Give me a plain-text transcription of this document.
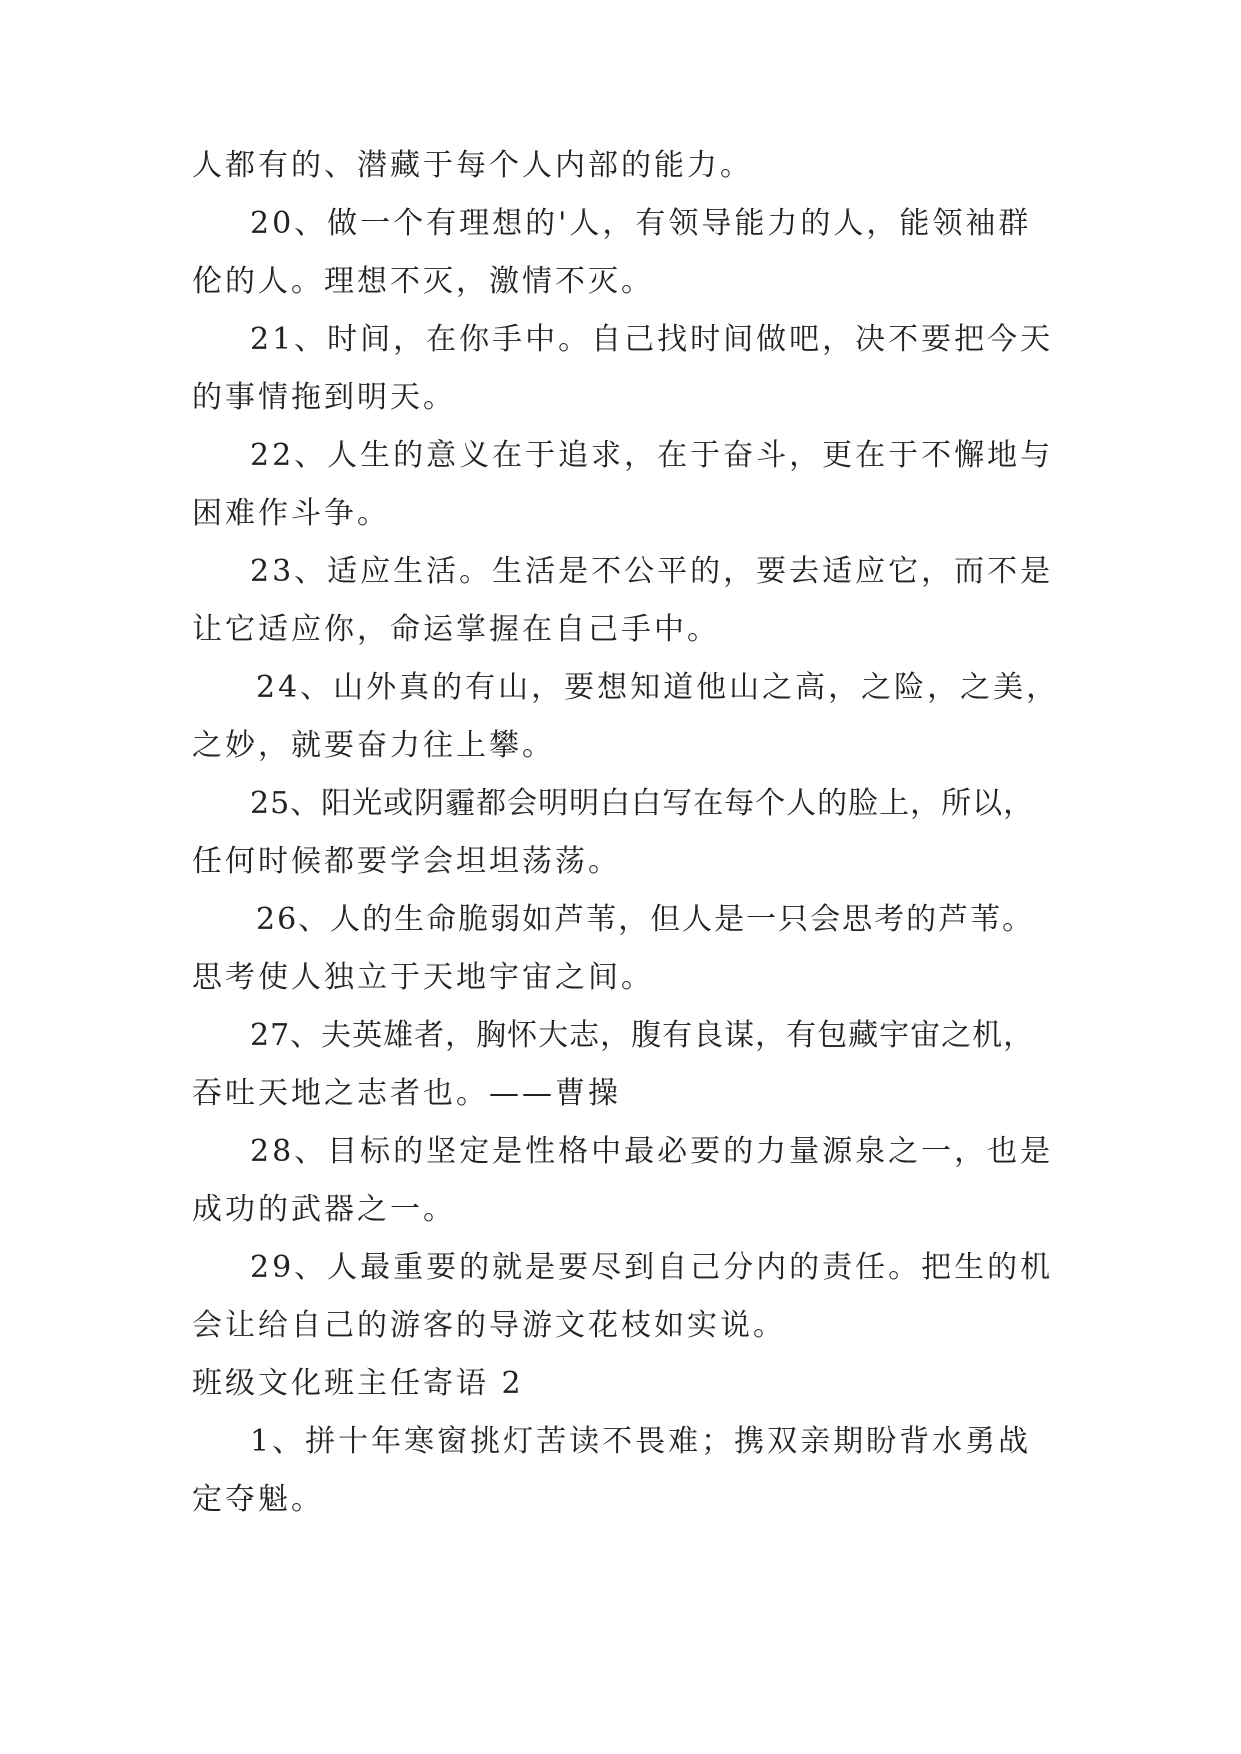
人都有的、潜藏于每个人内部的能力。
20、做一个有理想的'人，有领导能力的人，能领袖群
伦的人。理想不灭，激情不灭。
21、时间，在你手中。自己找时间做吧，决不要把今天
的事情拖到明天。
22、人生的意义在于追求，在于奋斗，更在于不懈地与
困难作斗争。
23、适应生活。生活是不公平的，要去适应它，而不是
让它适应你，命运掌握在自己手中。
24、山外真的有山，要想知道他山之高，之险，之美，
之妙，就要奋力往上攀。
25、阳光或阴霾都会明明白白写在每个人的脸上，所以，
任何时候都要学会坦坦荡荡。
26、人的生命脆弱如芦苇，但人是一只会思考的芦苇。
思考使人独立于天地宇宙之间。
27、夫英雄者，胸怀大志，腹有良谋，有包藏宇宙之机，
吞吐天地之志者也。——曹操
28、目标的坚定是性格中最必要的力量源泉之一，也是
成功的武器之一。
29、人最重要的就是要尽到自己分内的责任。把生的机
会让给自己的游客的导游文花枝如实说。
班级文化班主任寄语 2
1、拼十年寒窗挑灯苦读不畏难；携双亲期盼背水勇战
定夺魁。
